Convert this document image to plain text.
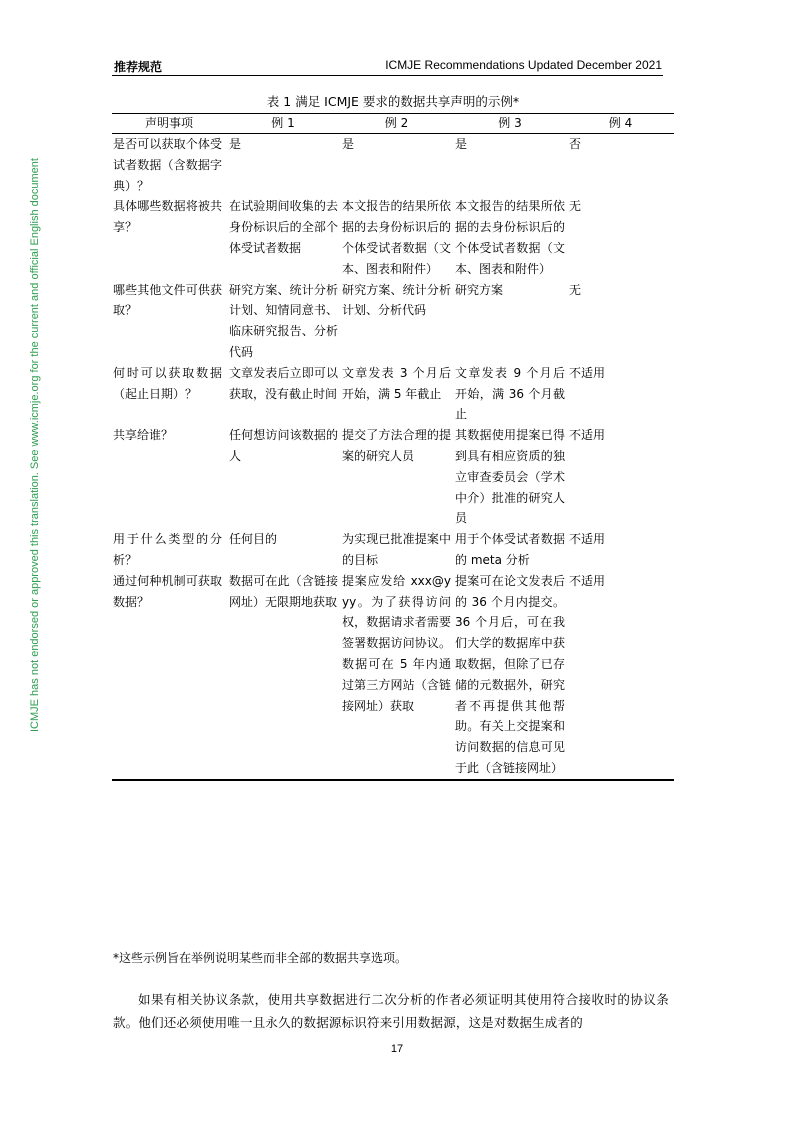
推荐规范	ICMJE Recommendations Updated December 2021
ICMJE has not endorsed or approved this translation. See www.icmje.org for the current and official English document
表 1 满足 ICMJE 要求的数据共享声明的示例*
声明事项	例 1	例 2	例 3	例 4
是否可以获取个体受试者数据（含数据字典）？	是	是	是	否
具体哪些数据将被共享？	在试验期间收集的去身份标识后的全部个体受试者数据	本文报告的结果所依据的去身份标识后的个体受试者数据（文本、图表和附件）	本文报告的结果所依据的去身份标识后的个体受试者数据（文本、图表和附件）	无
哪些其他文件可供获取？	研究方案、统计分析计划、知情同意书、临床研究报告、分析代码	研究方案、统计分析计划、分析代码	研究方案	无
何时可以获取数据（起止日期）？	文章发表后立即可以获取，没有截止时间	文章发表 3 个月后开始，满 5 年截止	文章发表 9 个月后开始，满 36 个月截止	不适用
共享给谁？	任何想访问该数据的人	提交了方法合理的提案的研究人员	其数据使用提案已得到具有相应资质的独立审查委员会（学术中介）批准的研究人员	不适用
用于什么类型的分析？	任何目的	为实现已批准提案中的目标	用于个体受试者数据的 meta 分析	不适用
通过何种机制可获取数据？	数据可在此（含链接网址）无限期地获取	提案应发给 xxx@yyy。为了获得访问权，数据请求者需要签署数据访问协议。数据可在 5 年内通过第三方网站（含链接网址）获取	提案可在论文发表后的 36 个月内提交。36 个月后，可在我们大学的数据库中获取数据，但除了已存储的元数据外，研究者不再提供其他帮助。有关上交提案和访问数据的信息可见于此（含链接网址）	不适用
*这些示例旨在举例说明某些而非全部的数据共享选项。
如果有相关协议条款，使用共享数据进行二次分析的作者必须证明其使用符合接收时的协议条款。他们还必须使用唯一且永久的数据源标识符来引用数据源，这是对数据生成者的
17
